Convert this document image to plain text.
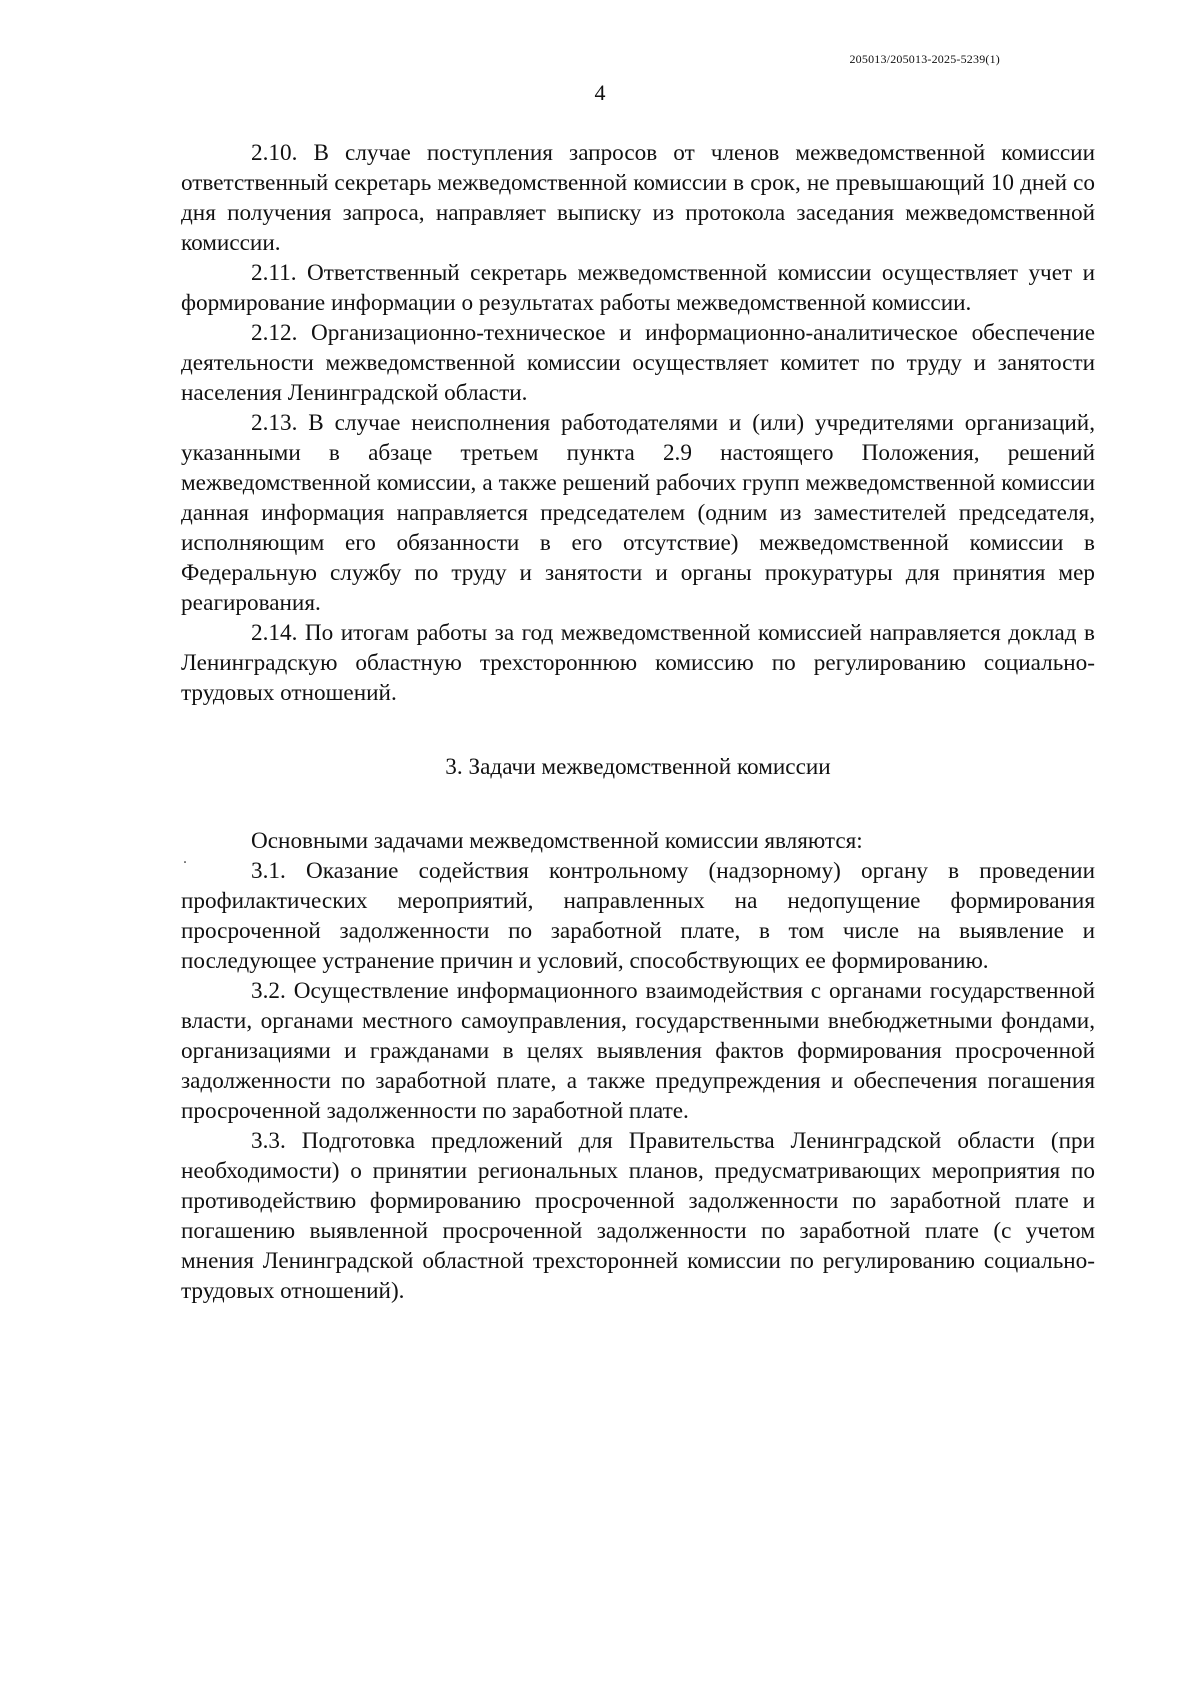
205013/205013-2025-5239(1)
4

2.10. В случае поступления запросов от членов межведомственной комиссии ответственный секретарь межведомственной комиссии в срок, не превышающий 10 дней со дня получения запроса, направляет выписку из протокола заседания межведомственной комиссии.

2.11. Ответственный секретарь межведомственной комиссии осуществляет учет и формирование информации о результатах работы межведомственной комиссии.

2.12. Организационно-техническое и информационно-аналитическое обеспечение деятельности межведомственной комиссии осуществляет комитет по труду и занятости населения Ленинградской области.

2.13. В случае неисполнения работодателями и (или) учредителями организаций, указанными в абзаце третьем пункта 2.9 настоящего Положения, решений межведомственной комиссии, а также решений рабочих групп межведомственной комиссии данная информация направляется председателем (одним из заместителей председателя, исполняющим его обязанности в его отсутствие) межведомственной комиссии в Федеральную службу по труду и занятости и органы прокуратуры для принятия мер реагирования.

2.14. По итогам работы за год межведомственной комиссией направляется доклад в Ленинградскую областную трехстороннюю комиссию по регулированию социально-трудовых отношений.

3. Задачи межведомственной комиссии

Основными задачами межведомственной комиссии являются:

3.1. Оказание содействия контрольному (надзорному) органу в проведении профилактических мероприятий, направленных на недопущение формирования просроченной задолженности по заработной плате, в том числе на выявление и последующее устранение причин и условий, способствующих ее формированию.

3.2. Осуществление информационного взаимодействия с органами государственной власти, органами местного самоуправления, государственными внебюджетными фондами, организациями и гражданами в целях выявления фактов формирования просроченной задолженности по заработной плате, а также предупреждения и обеспечения погашения просроченной задолженности по заработной плате.

3.3. Подготовка предложений для Правительства Ленинградской области (при необходимости) о принятии региональных планов, предусматривающих мероприятия по противодействию формированию просроченной задолженности по заработной плате и погашению выявленной просроченной задолженности по заработной плате (с учетом мнения Ленинградской областной трехсторонней комиссии по регулированию социально-трудовых отношений).

.
